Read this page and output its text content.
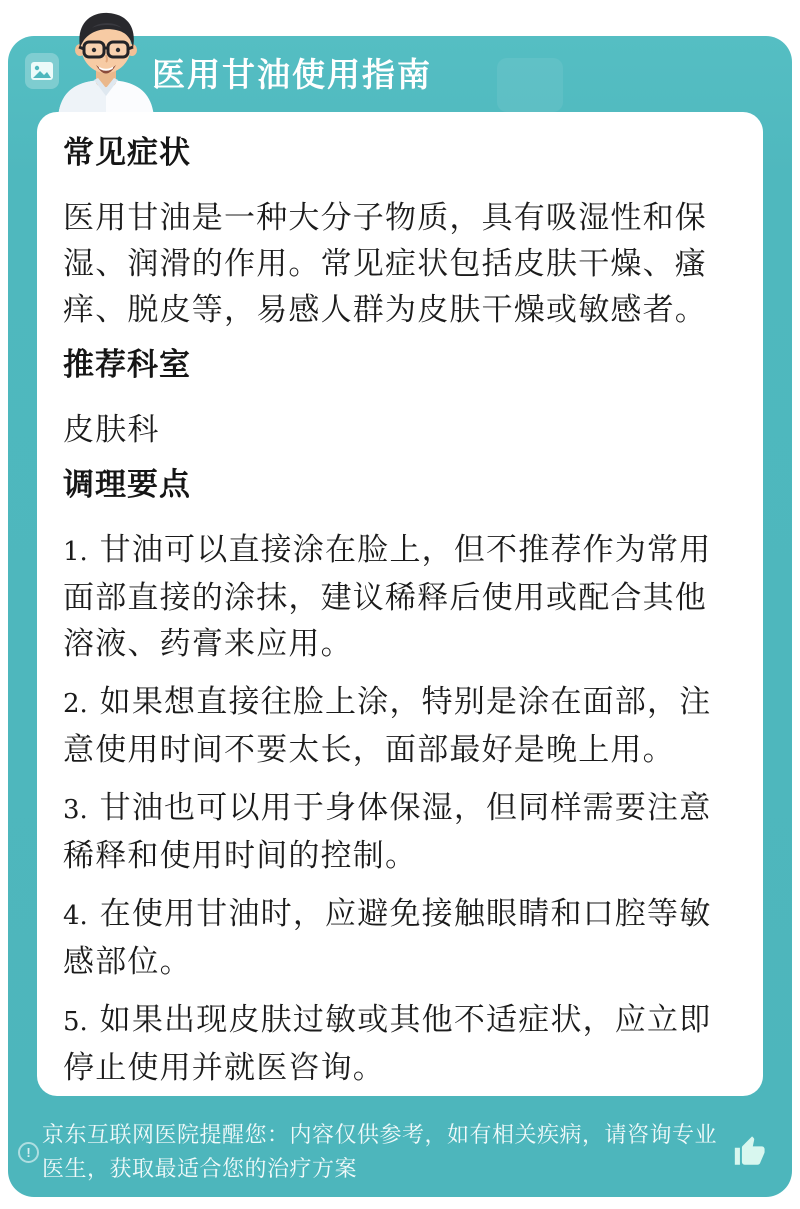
医用甘油使用指南
常见症状

医用甘油是一种大分子物质，具有吸湿性和保湿、润滑的作用。常见症状包括皮肤干燥、瘙痒、脱皮等，易感人群为皮肤干燥或敏感者。

推荐科室

皮肤科

调理要点

1. 甘油可以直接涂在脸上，但不推荐作为常用面部直接的涂抹，建议稀释后使用或配合其他溶液、药膏来应用。

2. 如果想直接往脸上涂，特别是涂在面部，注意使用时间不要太长，面部最好是晚上用。

3. 甘油也可以用于身体保湿，但同样需要注意稀释和使用时间的控制。

4. 在使用甘油时，应避免接触眼睛和口腔等敏感部位。

5. 如果出现皮肤过敏或其他不适症状，应立即停止使用并就医咨询。

!

京东互联网医院提醒您：内容仅供参考，如有相关疾病，请咨询专业医生，获取最适合您的治疗方案
